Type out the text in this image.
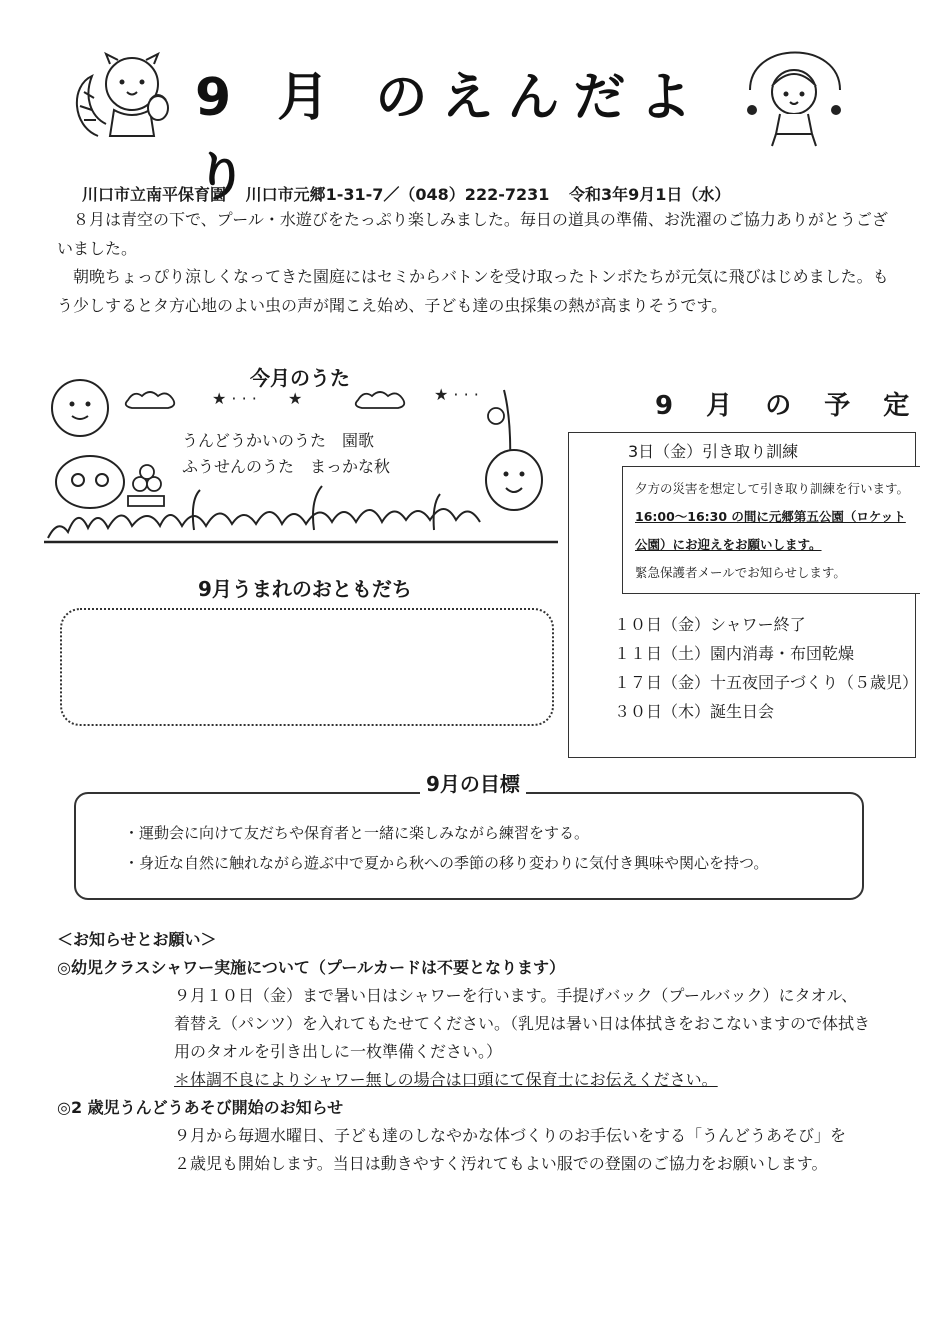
9 月 のえんだより
川口市立南平保育園 川口市元郷1-31-7／（048）222-7231 令和3年9月1日（水）

８月は青空の下で、プール・水遊びをたっぷり楽しみました。毎日の道具の準備、お洗濯のご協力ありがとうございました。

朝晩ちょっぴり涼しくなってきた園庭にはセミからバトンを受け取ったトンボたちが元気に飛びはじめました。もう少しするとタ方心地のよい虫の声が聞こえ始め、子ども達の虫採集の熱が高まりそうです。

★ · · · ★	★ · · ·
今月のうた
うんどうかいのうた　園歌
ふうせんのうた　まっかな秋
9月うまれのおともだち
9 月 の 予 定
3日（金）引き取り訓練
夕方の災害を想定して引き取り訓練を行います。
16:00～16:30 の間に元郷第五公園（ロケット
公園）にお迎えをお願いします。
緊急保護者メールでお知らせします。
１０日（金）シャワー終了
１１日（土）園内消毒・布団乾燥
１７日（金）十五夜団子づくり（５歳児）
３０日（木）誕生日会
・運動会に向けて友だちや保育者と一緒に楽しみながら練習をする。
・身近な自然に触れながら遊ぶ中で夏から秋への季節の移り変わりに気付き興味や関心を持つ。
9月の目標
＜お知らせとお願い＞
◎幼児クラスシャワー実施について（プールカードは不要となります）
９月１０日（金）まで暑い日はシャワーを行います。手提げバック（プールバック）にタオル、
着替え（パンツ）を入れてもたせてください。（乳児は暑い日は体拭きをおこないますので体拭き
用のタオルを引き出しに一枚準備ください。）
＊体調不良によりシャワー無しの場合は口頭にて保育士にお伝えください。
◎2 歳児うんどうあそび開始のお知らせ
９月から毎週水曜日、子ども達のしなやかな体づくりのお手伝いをする「うんどうあそび」を
２歳児も開始します。当日は動きやすく汚れてもよい服での登園のご協力をお願いします。
